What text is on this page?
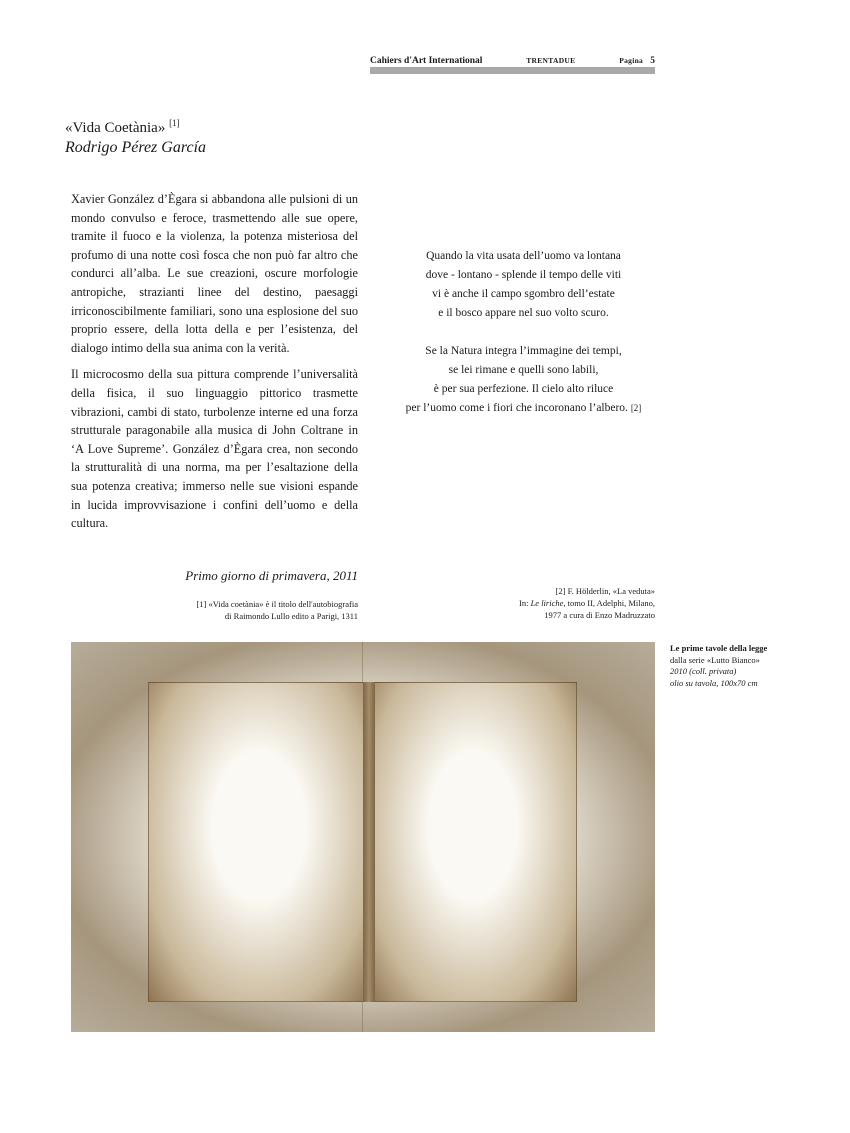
Cahiers d'Art International	TRENTADUE	Pagina 5
«Vida Coetània» [1]
Rodrigo Pérez García

Xavier González d’Ègara si abbandona alle pulsioni di un mondo convulso e feroce, trasmettendo alle sue opere, tramite il fuoco e la violenza, la potenza misteriosa del profumo di una notte così fosca che non può far altro che condurci all’alba. Le sue creazioni, oscure morfologie antropiche, strazianti linee del destino, paesaggi irriconoscibilmente familiari, sono una esplosione del suo proprio essere, della lotta della e per l’esistenza, del dialogo intimo della sua anima con la verità.

Il microcosmo della sua pittura comprende l’universalità della fisica, il suo linguaggio pittorico trasmette vibrazioni, cambi di stato, turbolenze interne ed una forza strutturale paragonabile alla musica di John Coltrane in ‘A Love Supreme’. González d’Ègara crea, non secondo la strutturalità di una norma, ma per l’esaltazione della sua potenza creativa; immerso nelle sue visioni espande in lucida improvvisazione i confini dell’uomo e della cultura.

Quando la vita usata dell’uomo va lontana
dove - lontano - splende il tempo delle viti
vi è anche il campo sgombro dell’estate
e il bosco appare nel suo volto scuro.
Se la Natura integra l’immagine dei tempi,
se lei rimane e quelli sono labili,
è per sua perfezione. Il cielo alto riluce
per l’uomo come i fiori che incoronano l’albero. [2]
Primo giorno di primavera, 2011
[1] «Vida coetània» è il titolo dell'autobiografia
di Raimondo Lullo edito a Parigi, 1311
[2] F. Hölderlin, «La veduta»
In: Le liriche, tomo II, Adelphi, Milano,
1977 a cura di Enzo Madruzzato
Le prime tavole della legge
dalla serie «Lutto Bianco»
2010 (coll. privata)
olio su tavola, 100x70 cm
